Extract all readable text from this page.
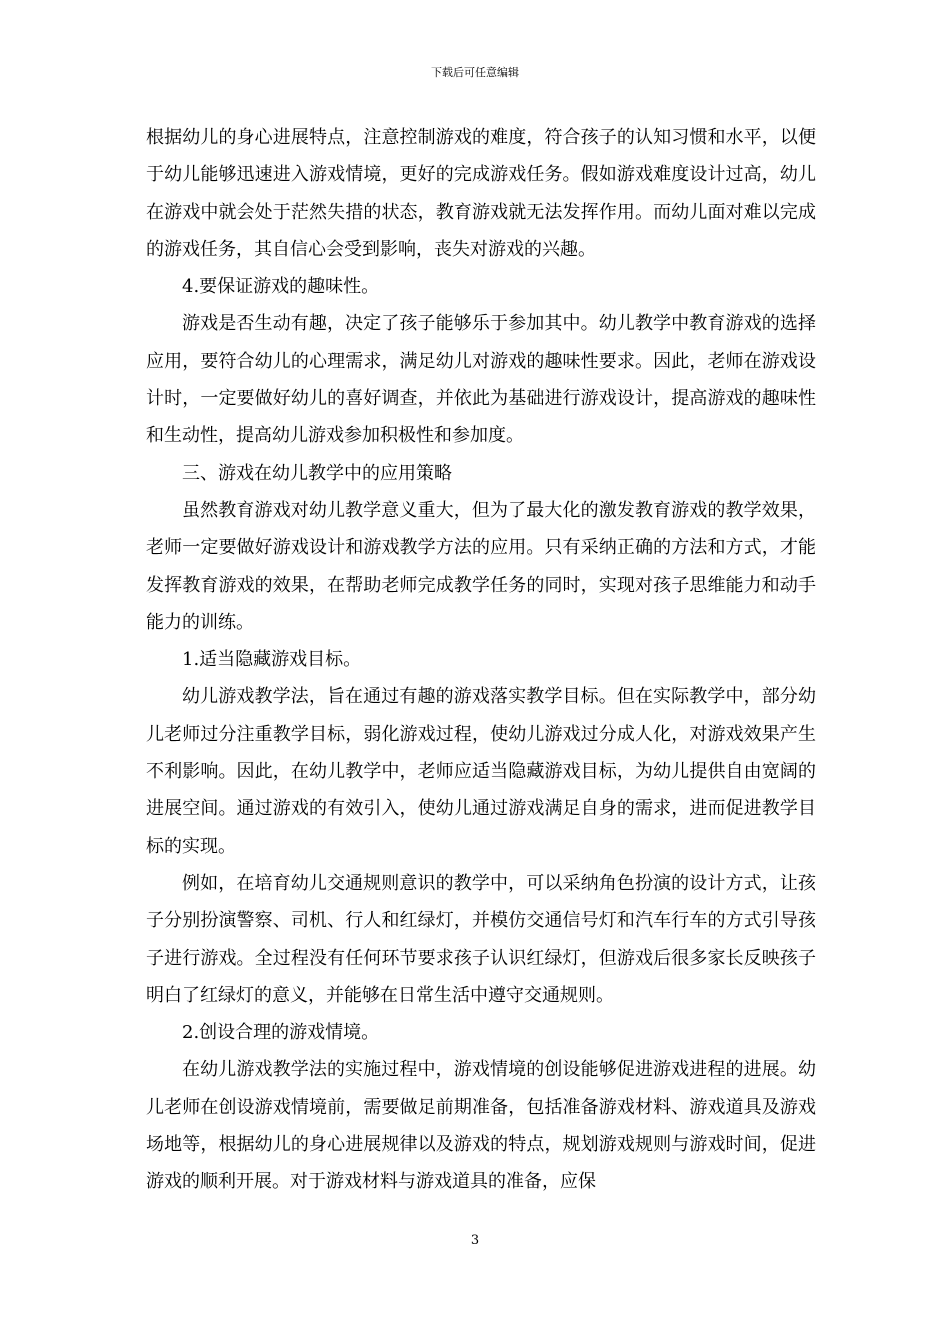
下载后可任意编辑

根据幼儿的身心进展特点，注意控制游戏的难度，符合孩子的认知习惯和水平，以便于幼儿能够迅速进入游戏情境，更好的完成游戏任务。假如游戏难度设计过高，幼儿在游戏中就会处于茫然失措的状态，教育游戏就无法发挥作用。而幼儿面对难以完成的游戏任务，其自信心会受到影响，丧失对游戏的兴趣。

4.要保证游戏的趣味性。

游戏是否生动有趣，决定了孩子能够乐于参加其中。幼儿教学中教育游戏的选择应用，要符合幼儿的心理需求，满足幼儿对游戏的趣味性要求。因此，老师在游戏设计时，一定要做好幼儿的喜好调查，并依此为基础进行游戏设计，提高游戏的趣味性和生动性，提高幼儿游戏参加积极性和参加度。

三、游戏在幼儿教学中的应用策略

虽然教育游戏对幼儿教学意义重大，但为了最大化的激发教育游戏的教学效果，老师一定要做好游戏设计和游戏教学方法的应用。只有采纳正确的方法和方式，才能发挥教育游戏的效果，在帮助老师完成教学任务的同时，实现对孩子思维能力和动手能力的训练。

1.适当隐藏游戏目标。

幼儿游戏教学法，旨在通过有趣的游戏落实教学目标。但在实际教学中，部分幼儿老师过分注重教学目标，弱化游戏过程，使幼儿游戏过分成人化，对游戏效果产生不利影响。因此，在幼儿教学中，老师应适当隐藏游戏目标，为幼儿提供自由宽阔的进展空间。通过游戏的有效引入，使幼儿通过游戏满足自身的需求，进而促进教学目标的实现。

例如，在培育幼儿交通规则意识的教学中，可以采纳角色扮演的设计方式，让孩子分别扮演警察、司机、行人和红绿灯，并模仿交通信号灯和汽车行车的方式引导孩子进行游戏。全过程没有任何环节要求孩子认识红绿灯，但游戏后很多家长反映孩子明白了红绿灯的意义，并能够在日常生活中遵守交通规则。

2.创设合理的游戏情境。

在幼儿游戏教学法的实施过程中，游戏情境的创设能够促进游戏进程的进展。幼儿老师在创设游戏情境前，需要做足前期准备，包括准备游戏材料、游戏道具及游戏场地等，根据幼儿的身心进展规律以及游戏的特点，规划游戏规则与游戏时间，促进游戏的顺利开展。对于游戏材料与游戏道具的准备，应保

3
